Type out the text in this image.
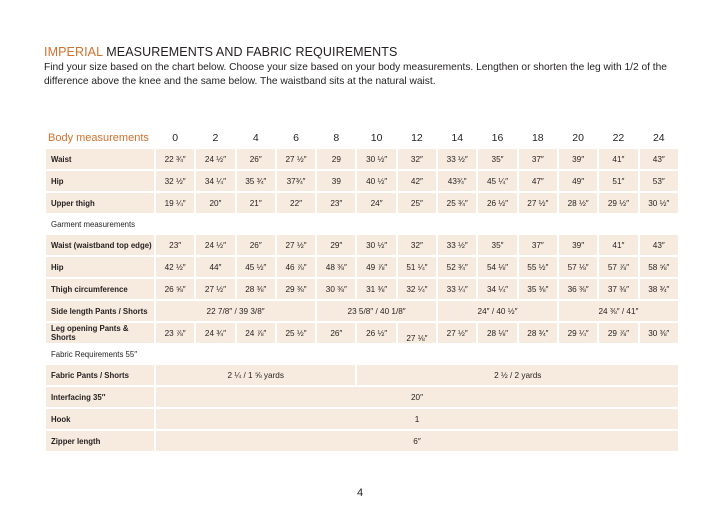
IMPERIAL MEASUREMENTS AND FABRIC REQUIREMENTS
Find your size based on the chart below. Choose your size based on your body measurements. Lengthen or shorten the leg with 1/2 of the difference above the knee and the same below. The waistband sits at the natural waist.
Body measurements	0	2	4	6	8	10	12	14	16	18	20	22	24
Waist	22 ¾″	24 ½″	26″	27 ½″	29	30 ½″	32″	33 ½″	35″	37″	39″	41″	43″
Hip	32 ½″	34 ¼″	35 ¾″	37¾″	39	40 ½″	42″	43¾″	45 ¼″	47″	49″	51″	53″
Upper thigh	19 ¼″	20″	21″	22″	23″	24″	25″	25 ¾″	26 ½″	27 ½″	28 ½″	29 ½″	30 ½″
Garment measurements													
Waist (waistband top edge)	23″	24 ½″	26″	27 ½″	29″	30 ½″	32″	33 ½″	35″	37″	39″	41″	43″
Hip	42 ½″	44″	45 ½″	46 ⅞″	48 ⅜″	49 ⅞″	51 ¼″	52 ¾″	54 ⅛″	55 ½″	57 ⅛″	57 ⅞″	58 ⅝″
Thigh circumference	26 ⅝″	27 ½″	28 ⅜″	29 ⅜″	30 ⅜″	31 ⅜″	32 ¼″	33 ¼″	34 ¼″	35 ⅜″	36 ⅜″	37 ⅜″	38 ¾″
Side length Pants / Shorts	22 7/8″ / 39 3/8″				23 5/8″ / 40 1/8″			24″ / 40 ½″			24 ⅜″ / 41″		
Leg opening Pants & Shorts	23 ⅞″	24 ¾″	24 ⅞″	25 ½″	26″	26 ½″	27 ⅛″	27 ½″	28 ⅛″	28 ¾″	29 ¼″	29 ⅞″	30 ⅜″
Fabric Requirements 55″													
Fabric Pants / Shorts	2 ¼ / 1 ⅝ yards					2 ½ / 2 yards							
Interfacing 35″	20″												
Hook	1												
Zipper length	6″												
4
